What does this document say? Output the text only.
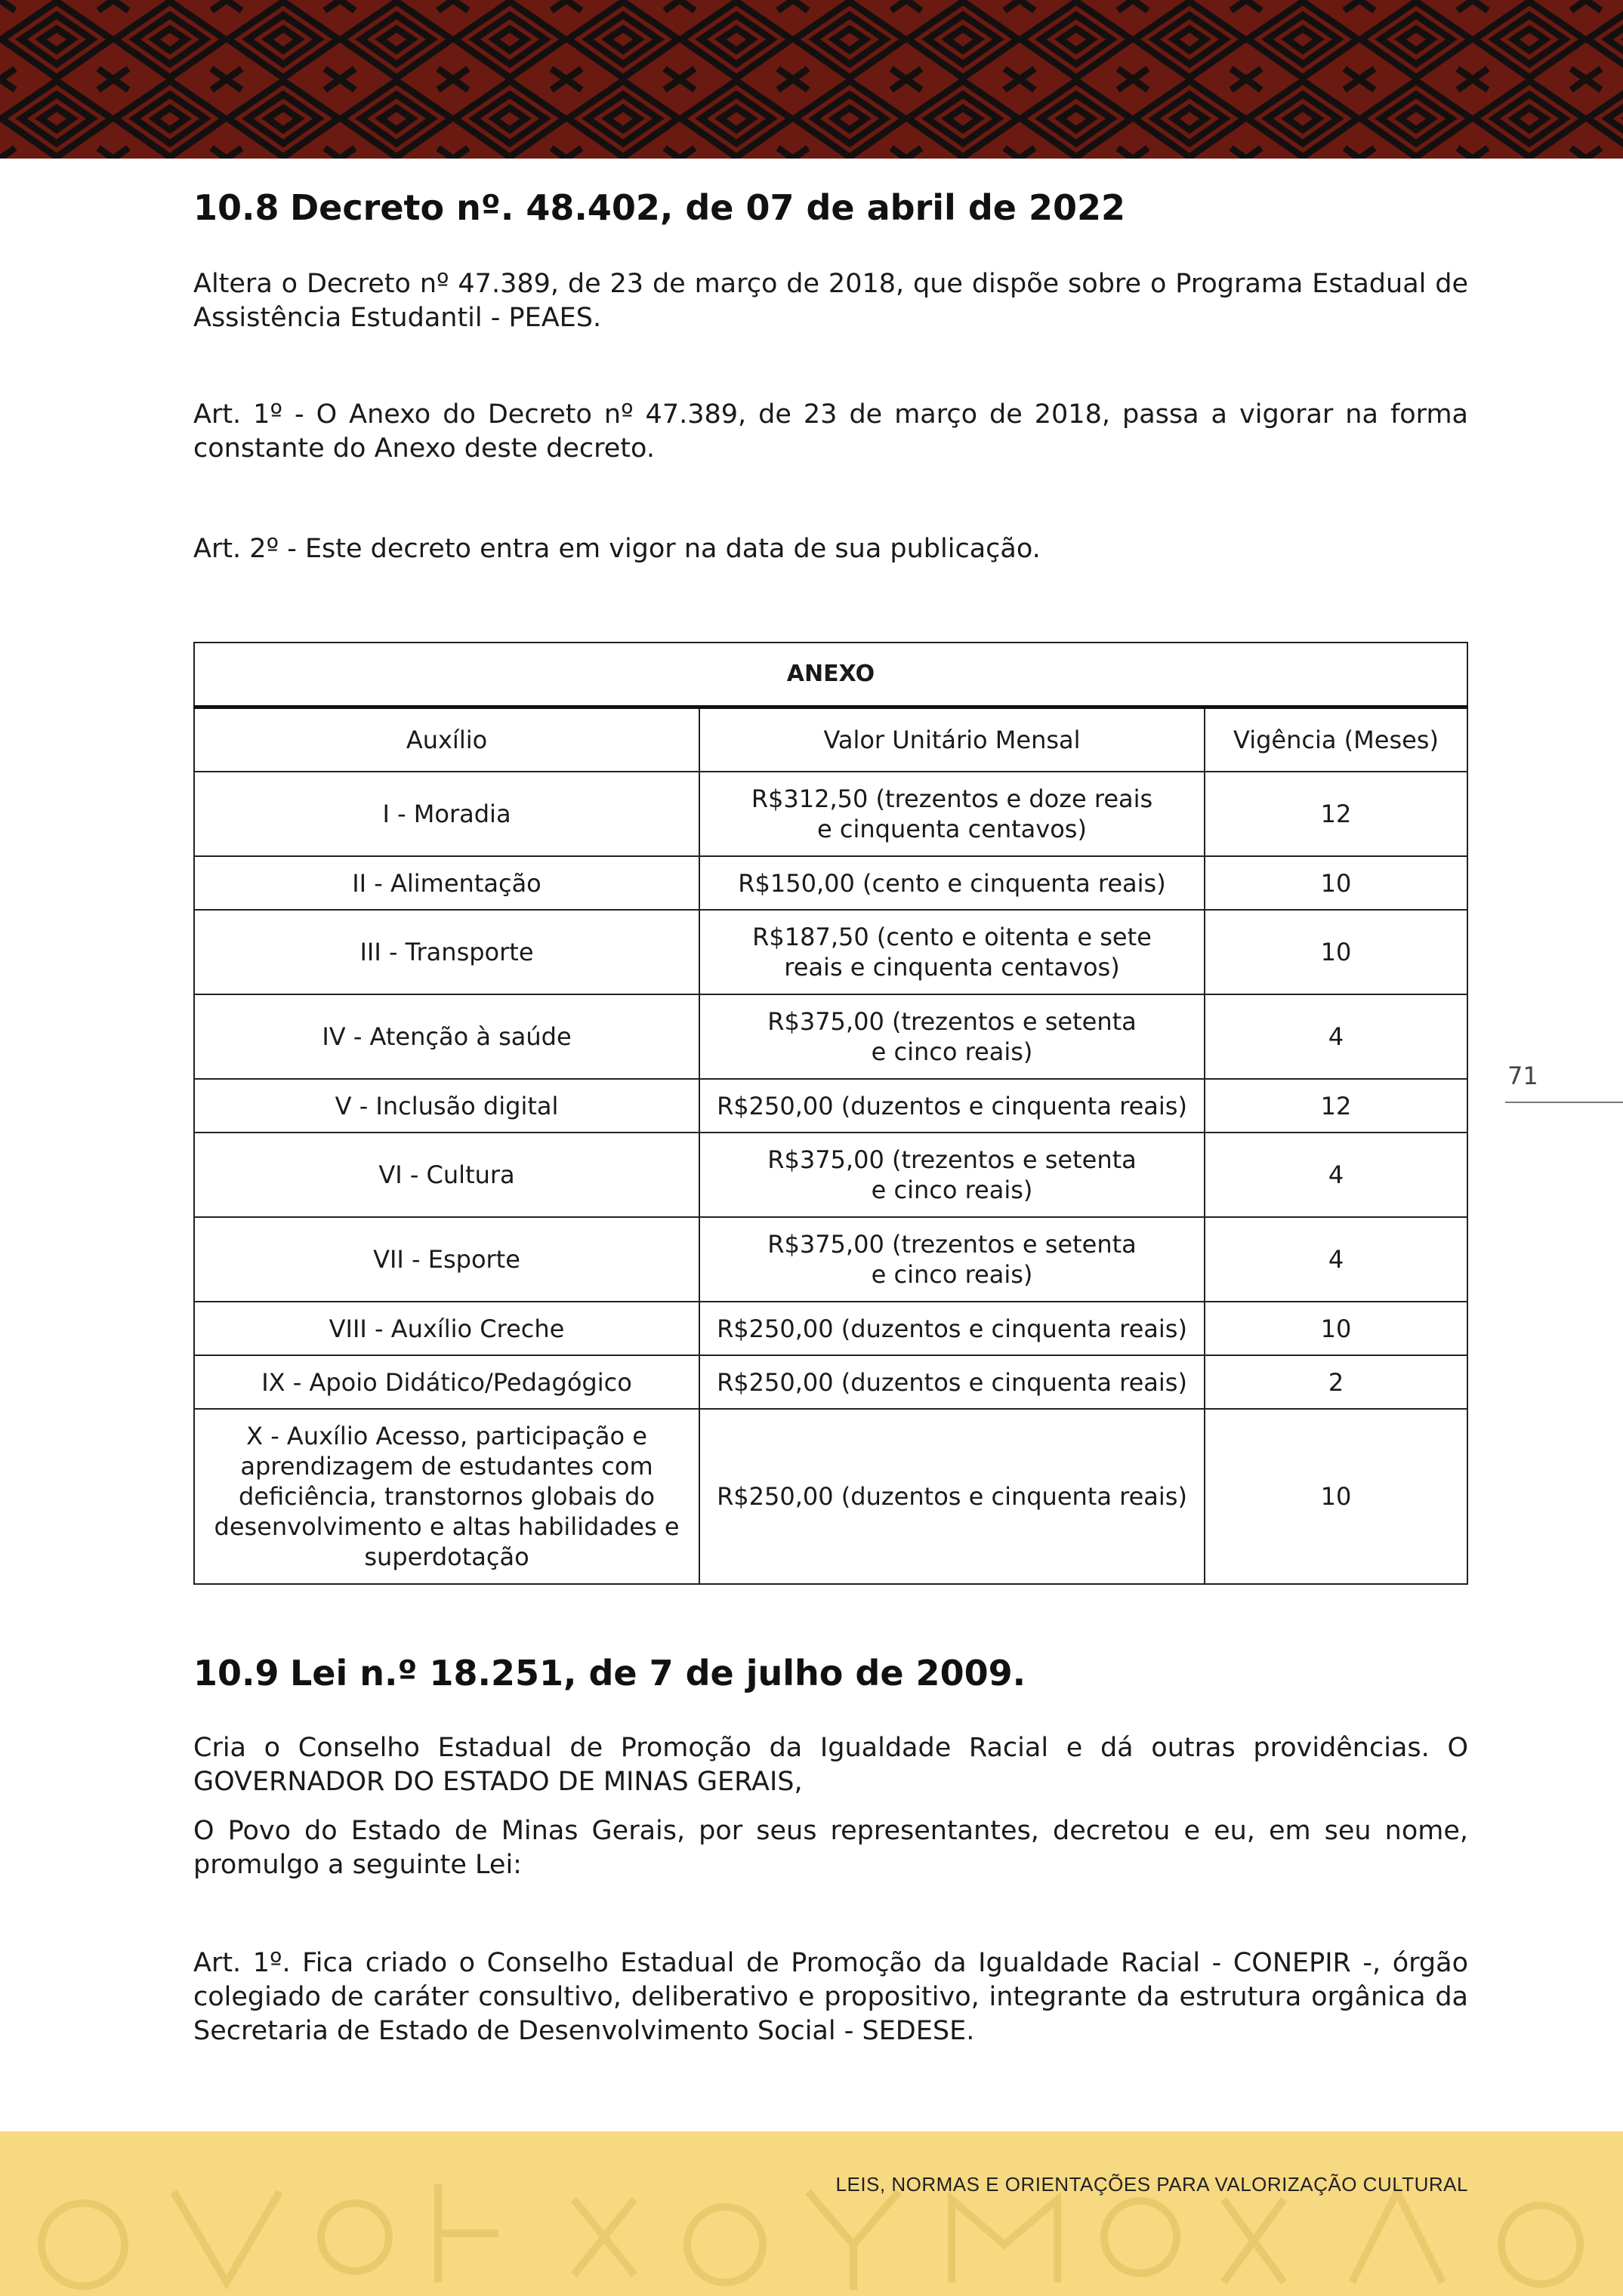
10.8 Decreto nº. 48.402, de 07 de abril de 2022

Altera o Decreto nº 47.389, de 23 de março de 2018, que dispõe sobre o Programa Estadual de Assistência Estudantil - PEAES.

Art. 1º - O Anexo do Decreto nº 47.389, de 23 de março de 2018, passa a vigorar na forma constante do Anexo deste decreto.

Art. 2º - Este decreto entra em vigor na data de sua publicação.

ANEXO		
Auxílio	Valor Unitário Mensal	Vigência (Meses)
I - Moradia	R$312,50 (trezentos e doze reais
e cinquenta centavos)	12
II - Alimentação	R$150,00 (cento e cinquenta reais)	10
III - Transporte	R$187,50 (cento e oitenta e sete
reais e cinquenta centavos)	10
IV - Atenção à saúde	R$375,00 (trezentos e setenta
e cinco reais)	4
V - Inclusão digital	R$250,00 (duzentos e cinquenta reais)	12
VI - Cultura	R$375,00 (trezentos e setenta
e cinco reais)	4
VII - Esporte	R$375,00 (trezentos e setenta
e cinco reais)	4
VIII - Auxílio Creche	R$250,00 (duzentos e cinquenta reais)	10
IX - Apoio Didático/Pedagógico	R$250,00 (duzentos e cinquenta reais)	2
X - Auxílio Acesso, participação e
aprendizagem de estudantes com
deficiência, transtornos globais do
desenvolvimento e altas habilidades e
superdotação	R$250,00 (duzentos e cinquenta reais)	10
10.9 Lei n.º 18.251, de 7 de julho de 2009.

Cria o Conselho Estadual de Promoção da Igualdade Racial e dá outras providências. O GOVERNADOR DO ESTADO DE MINAS GERAIS,

O Povo do Estado de Minas Gerais, por seus representantes, decretou e eu, em seu nome, promulgo a seguinte Lei:

Art. 1º. Fica criado o Conselho Estadual de Promoção da Igualdade Racial - CONEPIR -, órgão colegiado de caráter consultivo, deliberativo e propositivo, integrante da estrutura orgânica da Secretaria de Estado de Desenvolvimento Social - SEDESE.

71
LEIS, NORMAS E ORIENTAÇÕES PARA VALORIZAÇÃO CULTURAL
